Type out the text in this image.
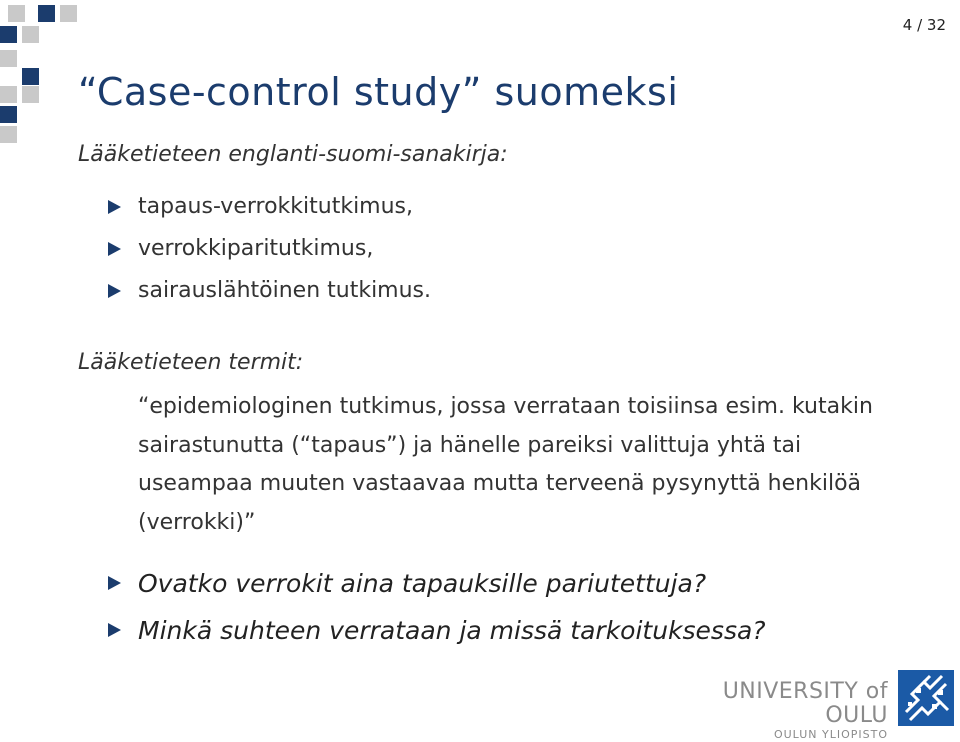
4 / 32
“Case-control study” suomeksi
Lääketieteen englanti-suomi-sanakirja:
tapaus-verrokkitutkimus,
verrokkiparitutkimus,
sairauslähtöinen tutkimus.
Lääketieteen termit:
“epidemiologinen tutkimus, jossa verrataan toisiinsa esim. kutakin sairastunutta (“tapaus”) ja hänelle pareiksi valittuja yhtä tai useampaa muuten vastaavaa mutta terveenä pysynyttä henkilöä (verrokki)”
Ovatko verrokit aina tapauksille pariutettuja?
Minkä suhteen verrataan ja missä tarkoituksessa?
UNIVERSITY of OULU
OULUN YLIOPISTO
